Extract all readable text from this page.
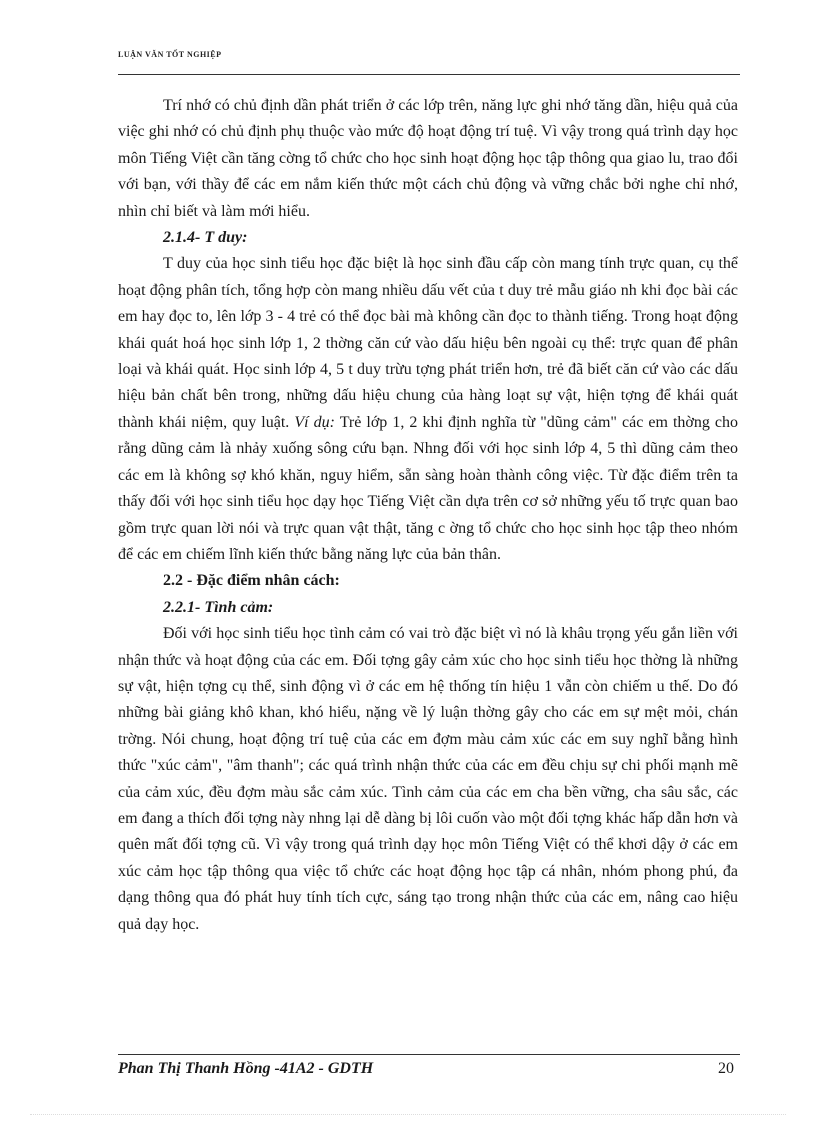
LUẬN VĂN TỐT NGHIỆP

Trí nhớ có chủ định dần phát triển ở các lớp trên, năng lực ghi nhớ tăng dần, hiệu quả của việc ghi nhớ có chủ định phụ thuộc vào mức độ hoạt động trí tuệ. Vì vậy trong quá trình dạy học môn Tiếng Việt cần tăng cờng tổ chức cho học sinh hoạt động học tập thông qua giao lu, trao đổi với bạn, với thầy để các em nắm kiến thức một cách chủ động và vững chắc bởi nghe chỉ nhớ, nhìn chỉ biết và làm mới hiểu.

2.1.4- T duy:

T duy của học sinh tiểu học đặc biệt là học sinh đầu cấp còn mang tính trực quan, cụ thể hoạt động phân tích, tổng hợp còn mang nhiều dấu vết của t duy trẻ mẫu giáo nh khi đọc bài các em hay đọc to, lên lớp 3 - 4 trẻ có thể đọc bài mà không cần đọc to thành tiếng. Trong hoạt động khái quát hoá học sinh lớp 1, 2 thờng căn cứ vào dấu hiệu bên ngoài cụ thể: trực quan để phân loại và khái quát. Học sinh lớp 4, 5 t duy trừu tợng phát triển hơn, trẻ đã biết căn cứ vào các dấu hiệu bản chất bên trong, những dấu hiệu chung của hàng loạt sự vật, hiện tợng để khái quát thành khái niệm, quy luật. Ví dụ: Trẻ lớp 1, 2 khi định nghĩa từ "dũng cảm" các em thờng cho rằng dũng cảm là nhảy xuống sông cứu bạn. Nhng đối với học sinh lớp 4, 5 thì dũng cảm theo các em là không sợ khó khăn, nguy hiểm, sẵn sàng hoàn thành công việc. Từ đặc điểm trên ta thấy đối với học sinh tiểu học dạy học Tiếng Việt cần dựa trên cơ sở những yếu tố trực quan bao gồm trực quan lời nói và trực quan vật thật, tăng c ờng tổ chức cho học sinh học tập theo nhóm để các em chiếm lĩnh kiến thức bằng năng lực của bản thân.

2.2 - Đặc điểm nhân cách:
2.2.1- Tình cảm:

Đối với học sinh tiểu học tình cảm có vai trò đặc biệt vì nó là khâu trọng yếu gắn liền với nhận thức và hoạt động của các em. Đối tợng gây cảm xúc cho học sinh tiểu học thờng là những sự vật, hiện tợng cụ thể, sinh động vì ở các em hệ thống tín hiệu 1 vẫn còn chiếm u thế. Do đó những bài giảng khô khan, khó hiểu, nặng về lý luận thờng gây cho các em sự mệt mỏi, chán trờng. Nói chung, hoạt động trí tuệ của các em đợm màu cảm xúc các em suy nghĩ bằng hình thức "xúc cảm", "âm thanh"; các quá trình nhận thức của các em đều chịu sự chi phối mạnh mẽ của cảm xúc, đều đợm màu sắc cảm xúc. Tình cảm của các em cha bền vững, cha sâu sắc, các em đang a thích đối tợng này nhng lại dễ dàng bị lôi cuốn vào một đối tợng khác hấp dẫn hơn và quên mất đối tợng cũ. Vì vậy trong quá trình dạy học môn Tiếng Việt có thể khơi dậy ở các em xúc cảm học tập thông qua việc tổ chức các hoạt động học tập cá nhân, nhóm phong phú, đa dạng thông qua đó phát huy tính tích cực, sáng tạo trong nhận thức của các em, nâng cao hiệu quả dạy học.

Phan Thị Thanh Hồng -41A2 - GDTH	20
